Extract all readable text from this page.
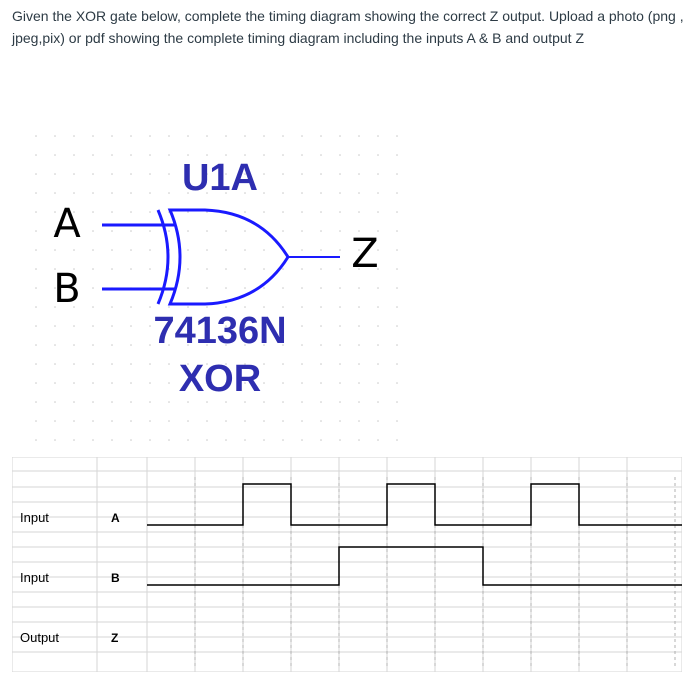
Given the XOR gate below, complete the timing diagram showing the correct Z output. Upload a photo (png , jpeg,pix) or pdf showing the complete timing diagram including the inputs A & B and output Z
U1A
A
B
Z
74136N
XOR
Input	A
Input	B
Output	Z
